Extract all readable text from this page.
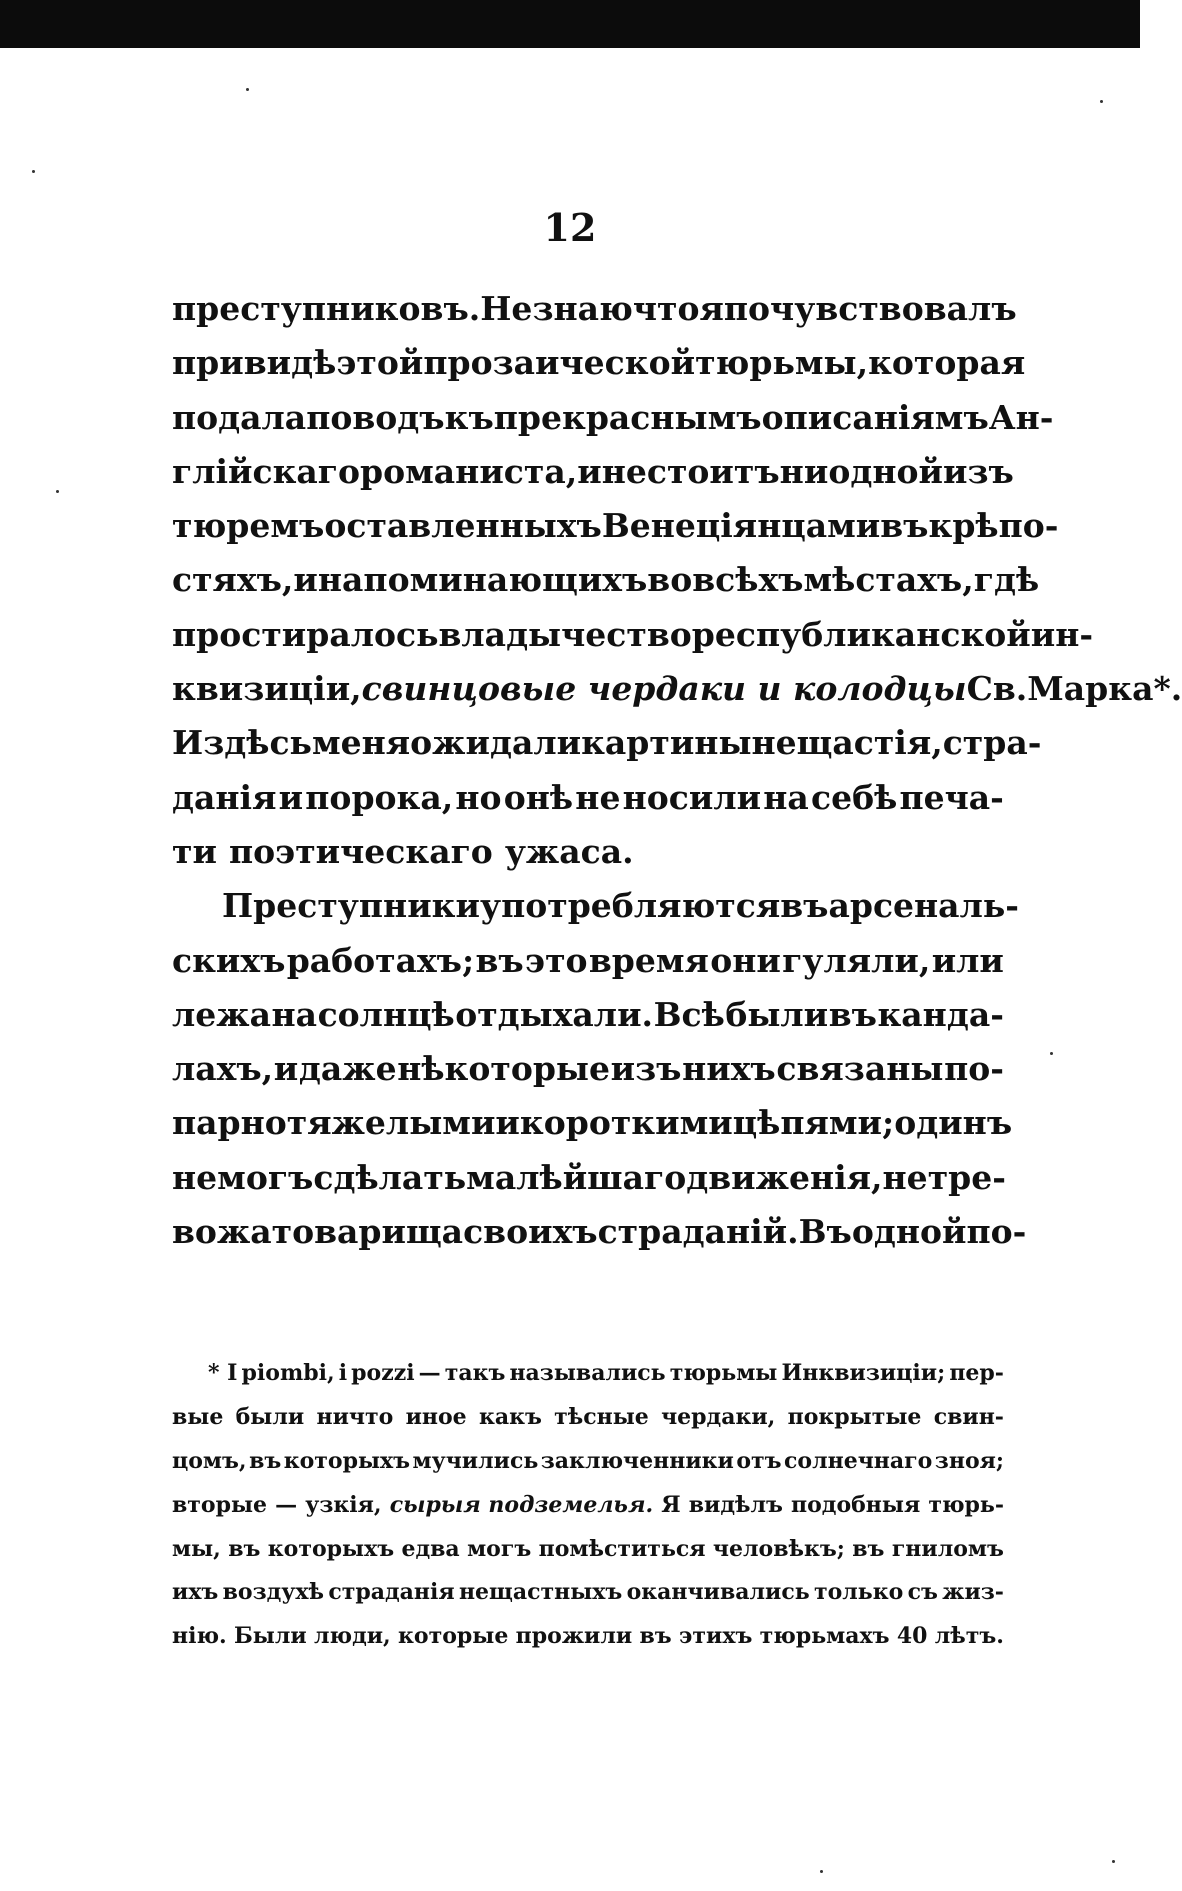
12
преступниковъ. Не знаю что я почувствовалъ
при видѣ этой прозаической тюрьмы, которая
подала поводъ къ прекраснымъ описаніямъ Ан-
глійскаго романиста, и не стоитъ ни одной изъ
тюремъ оставленныхъ Венеціянцами въ крѣпо-
стяхъ, и напоминающихъ во всѣхъ мѣстахъ, гдѣ
простиралось владычество республиканской ин-
квизиціи, свинцовые чердаки и колодцы Св. Марка*.
И здѣсь меня ожидали картины нещастія, стра-
данія и порока, но онѣ не носили на себѣ печа-
ти поэтическаго ужаса.
Преступники употребляются въ арсеналь-
скихъ работахъ; въ это время они гуляли, или
лежа на солнцѣ отдыхали. Всѣ были въ канда-
лахъ, и даже нѣкоторые изъ нихъ связаны по-
парно тяжелыми и короткими цѣпями; одинъ
не могъ сдѣлать малѣйшаго движенія, не тре-
вожа товарища своихъ страданій. Въ одной по-
* I piombi, i pozzi — такъ назывались тюрьмы Инквизиціи; пер-
вые были ничто иное какъ тѣсные чердаки, покрытые свин-
цомъ, въ которыхъ мучились заключенники отъ солнечнаго зноя;
вторые — узкія, сырыя подземелья. Я видѣлъ подобныя тюрь-
мы, въ которыхъ едва могъ помѣститься человѣкъ; въ гниломъ
ихъ воздухѣ страданія нещастныхъ оканчивались только съ жиз-
нію. Были люди, которые прожили въ этихъ тюрьмахъ 40 лѣтъ.
